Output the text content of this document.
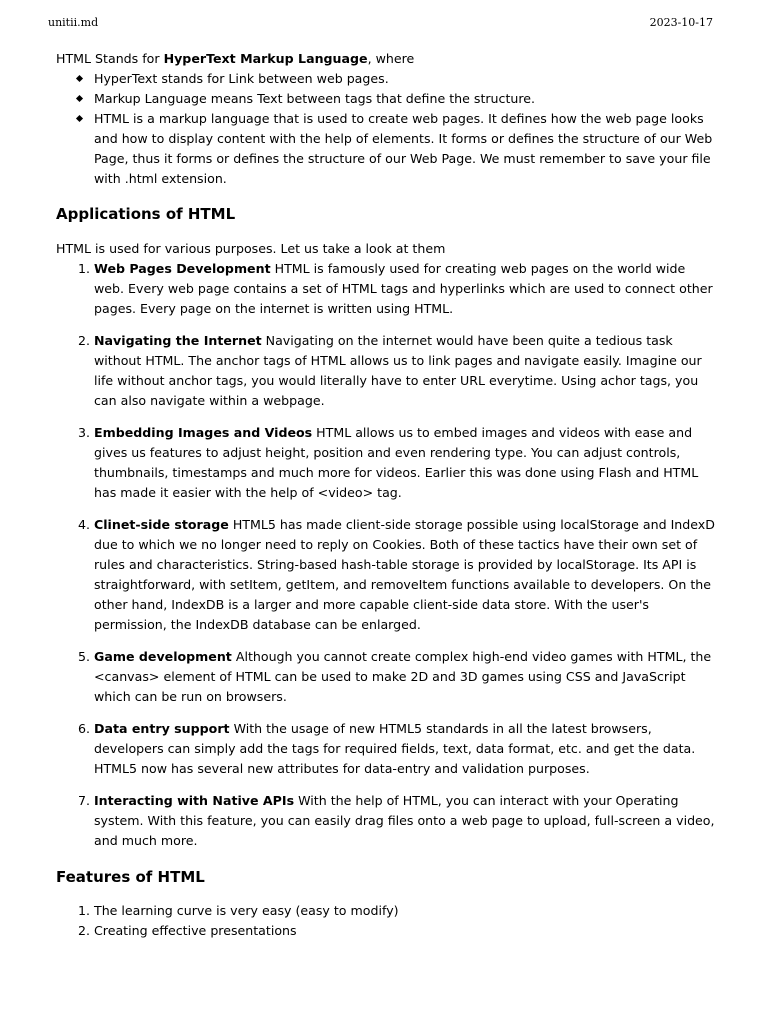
unitii.md	2023-10-17

HTML Stands for HyperText Markup Language, where

HyperText stands for Link between web pages.
Markup Language means Text between tags that define the structure.
HTML is a markup language that is used to create web pages. It defines how the web page looks and how to display content with the help of elements. It forms or defines the structure of our Web Page, thus it forms or defines the structure of our Web Page. We must remember to save your file with .html extension.
Applications of HTML

HTML is used for various purposes. Let us take a look at them

1. Web Pages Development HTML is famously used for creating web pages on the world wide web. Every web page contains a set of HTML tags and hyperlinks which are used to connect other pages. Every page on the internet is written using HTML.
2. Navigating the Internet Navigating on the internet would have been quite a tedious task without HTML. The anchor tags of HTML allows us to link pages and navigate easily. Imagine our life without anchor tags, you would literally have to enter URL everytime. Using achor tags, you can also navigate within a webpage.
3. Embedding Images and Videos HTML allows us to embed images and videos with ease and gives us features to adjust height, position and even rendering type. You can adjust controls, thumbnails, timestamps and much more for videos. Earlier this was done using Flash and HTML has made it easier with the help of <video> tag.
4. Clinet-side storage HTML5 has made client-side storage possible using localStorage and IndexD due to which we no longer need to reply on Cookies. Both of these tactics have their own set of rules and characteristics. String-based hash-table storage is provided by localStorage. Its API is straightforward, with setItem, getItem, and removeItem functions available to developers. On the other hand, IndexDB is a larger and more capable client-side data store. With the user's permission, the IndexDB database can be enlarged.
5. Game development Although you cannot create complex high-end video games with HTML, the <canvas> element of HTML can be used to make 2D and 3D games using CSS and JavaScript which can be run on browsers.
6. Data entry support With the usage of new HTML5 standards in all the latest browsers, developers can simply add the tags for required fields, text, data format, etc. and get the data. HTML5 now has several new attributes for data-entry and validation purposes.
7. Interacting with Native APIs With the help of HTML, you can interact with your Operating system. With this feature, you can easily drag files onto a web page to upload, full-screen a video, and much more.
Features of HTML
1. The learning curve is very easy (easy to modify)
2. Creating effective presentations
